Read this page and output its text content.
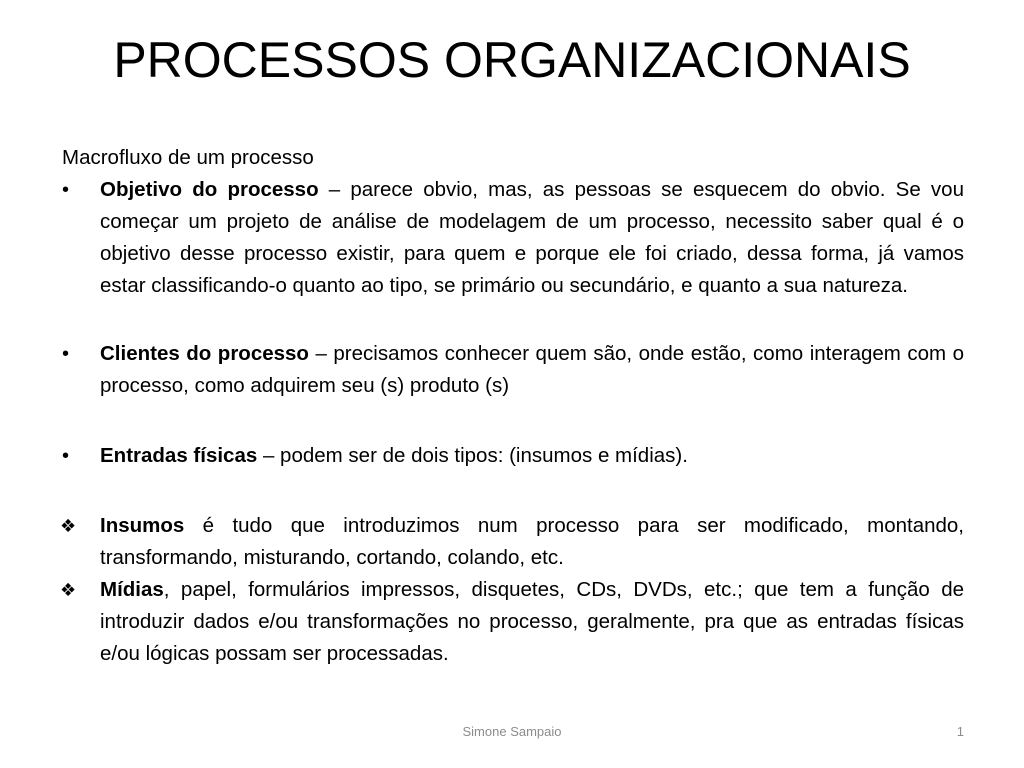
PROCESSOS ORGANIZACIONAIS

Macrofluxo de um processo

•	Objetivo do processo – parece obvio, mas, as pessoas se esquecem do obvio. Se vou começar um projeto de análise de modelagem de um processo, necessito saber qual é o objetivo desse processo existir, para quem e porque ele foi criado, dessa forma, já vamos estar classificando-o quanto ao tipo, se primário ou secundário, e quanto a sua natureza.

•	Clientes do processo – precisamos conhecer quem são, onde estão, como interagem com o processo, como adquirem seu (s) produto (s)

•	Entradas físicas – podem ser de dois tipos: (insumos e mídias).

❖	Insumos é tudo que introduzimos num processo para ser modificado, montando, transformando, misturando, cortando, colando, etc.

❖	Mídias, papel, formulários impressos, disquetes, CDs, DVDs, etc.; que tem a função de introduzir dados e/ou transformações no processo, geralmente, pra que as entradas físicas e/ou lógicas possam ser processadas.

Simone Sampaio	1
